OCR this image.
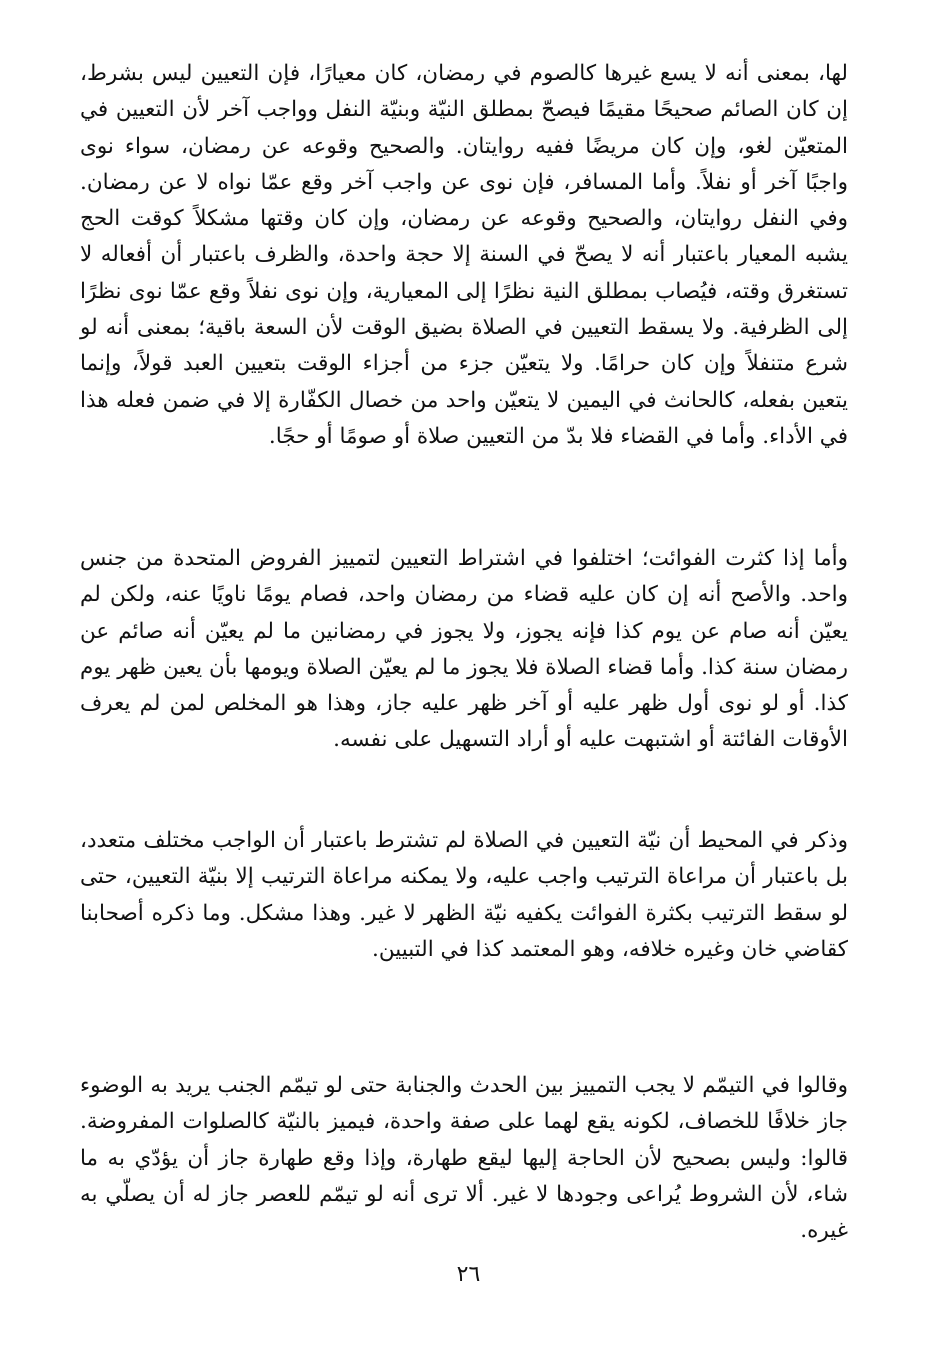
لها، بمعنى أنه لا يسع غيرها كالصوم في رمضان، كان معيارًا، فإن التعيين ليس بشرط، إن كان الصائم صحيحًا مقيمًا فيصحّ بمطلق النيّة وبنيّة النفل وواجب آخر لأن التعيين في المتعيّن لغو، وإن كان مريضًا ففيه روايتان. والصحيح وقوعه عن رمضان، سواء نوى واجبًا آخر أو نفلاً. وأما المسافر، فإن نوى عن واجب آخر وقع عمّا نواه لا عن رمضان. وفي النفل روايتان، والصحيح وقوعه عن رمضان، وإن كان وقتها مشكلاً كوقت الحج يشبه المعيار باعتبار أنه لا يصحّ في السنة إلا حجة واحدة، والظرف باعتبار أن أفعاله لا تستغرق وقته، فيُصاب بمطلق النية نظرًا إلى المعيارية، وإن نوى نفلاً وقع عمّا نوى نظرًا إلى الظرفية. ولا يسقط التعيين في الصلاة بضيق الوقت لأن السعة باقية؛ بمعنى أنه لو شرع متنفلاً وإن كان حرامًا. ولا يتعيّن جزء من أجزاء الوقت بتعيين العبد قولاً، وإنما يتعين بفعله، كالحانث في اليمين لا يتعيّن واحد من خصال الكفّارة إلا في ضمن فعله هذا في الأداء. وأما في القضاء فلا بدّ من التعيين صلاة أو صومًا أو حجًا.

وأما إذا كثرت الفوائت؛ اختلفوا في اشتراط التعيين لتمييز الفروض المتحدة من جنس واحد. والأصح أنه إن كان عليه قضاء من رمضان واحد، فصام يومًا ناويًا عنه، ولكن لم يعيّن أنه صام عن يوم كذا فإنه يجوز، ولا يجوز في رمضانين ما لم يعيّن أنه صائم عن رمضان سنة كذا. وأما قضاء الصلاة فلا يجوز ما لم يعيّن الصلاة ويومها بأن يعين ظهر يوم كذا. أو لو نوى أول ظهر عليه أو آخر ظهر عليه جاز، وهذا هو المخلص لمن لم يعرف الأوقات الفائتة أو اشتبهت عليه أو أراد التسهيل على نفسه.

وذكر في المحيط أن نيّة التعيين في الصلاة لم تشترط باعتبار أن الواجب مختلف متعدد، بل باعتبار أن مراعاة الترتيب واجب عليه، ولا يمكنه مراعاة الترتيب إلا بنيّة التعيين، حتى لو سقط الترتيب بكثرة الفوائت يكفيه نيّة الظهر لا غير. وهذا مشكل. وما ذكره أصحابنا كقاضي خان وغيره خلافه، وهو المعتمد كذا في التبيين.

وقالوا في التيمّم لا يجب التمييز بين الحدث والجنابة حتى لو تيمّم الجنب يريد به الوضوء جاز خلافًا للخصاف، لكونه يقع لهما على صفة واحدة، فيميز بالنيّة كالصلوات المفروضة. قالوا: وليس بصحيح لأن الحاجة إليها ليقع طهارة، وإذا وقع طهارة جاز أن يؤدّي به ما شاء، لأن الشروط يُراعى وجودها لا غير. ألا ترى أنه لو تيمّم للعصر جاز له أن يصلّي به غيره.

٢٦
